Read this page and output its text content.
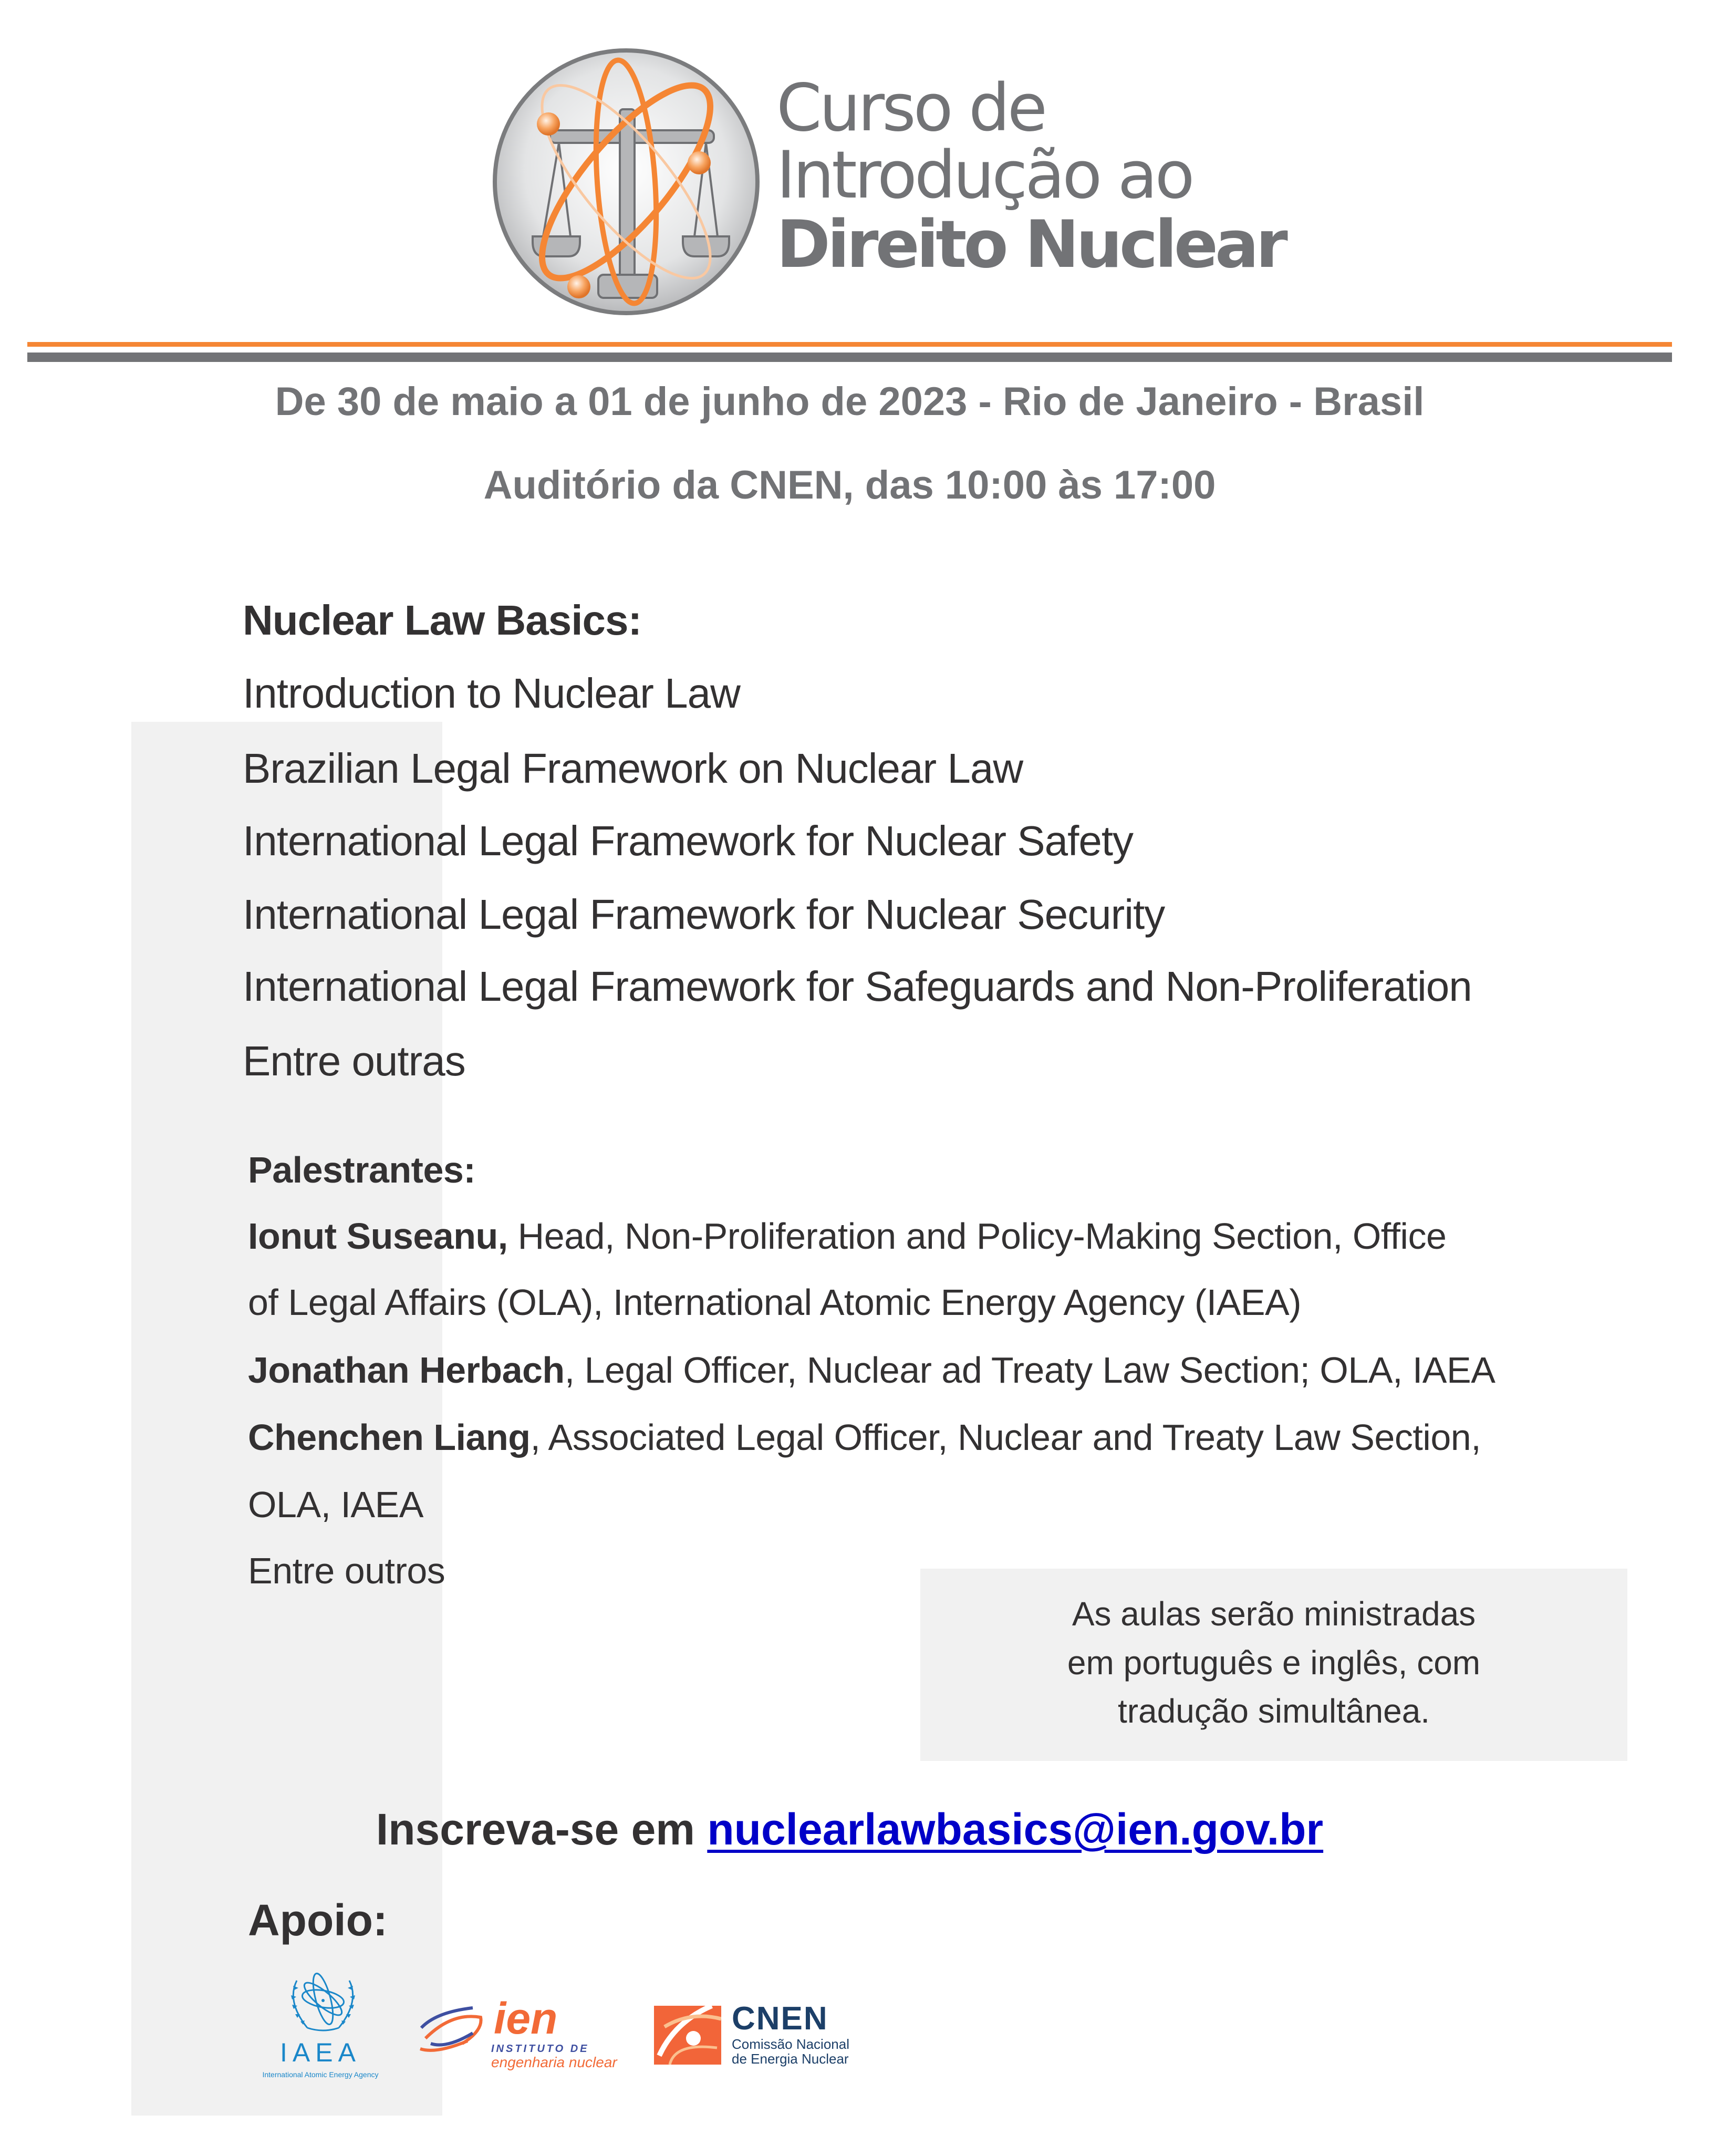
Curso de
Introdução ao
Direito Nuclear
De 30 de maio a 01 de junho de 2023 - Rio de Janeiro - Brasil
Auditório da CNEN, das 10:00 às 17:00
Nuclear Law Basics:
Introduction to Nuclear Law
Brazilian Legal Framework on Nuclear Law
International Legal Framework for Nuclear Safety
International Legal Framework for Nuclear Security
International Legal Framework for Safeguards and Non-Proliferation
Entre outras
Palestrantes:
Ionut Suseanu, Head, Non-Proliferation and Policy-Making Section, Office
of Legal Affairs (OLA), International Atomic Energy Agency (IAEA)
Jonathan Herbach, Legal Officer, Nuclear ad Treaty Law Section; OLA, IAEA
Chenchen Liang, Associated Legal Officer, Nuclear and Treaty Law Section,
OLA, IAEA
Entre outros
As aulas serão ministradas
em português e inglês, com
tradução simultânea.
Inscreva-se em nuclearlawbasics@ien.gov.br
Apoio:
IAEA
International Atomic Energy Agency
ien
INSTITUTO DE
engenharia nuclear
CNEN
Comissão Nacional
de Energia Nuclear
